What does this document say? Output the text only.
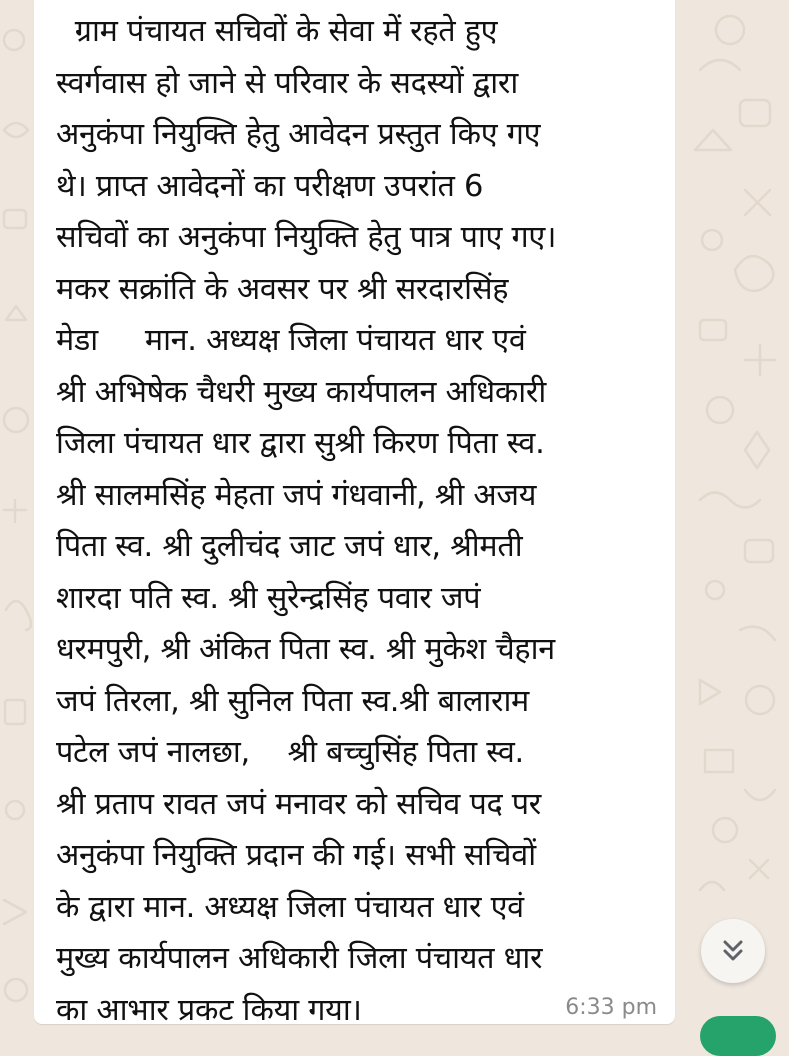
ग्राम पंचायत सचिवों के सेवा में रहते हुए
स्वर्गवास हो जाने से परिवार के सदस्यों द्वारा
अनुकंपा नियुक्ति हेतु आवेदन प्रस्तुत किए गए
थे। प्राप्त आवेदनों का परीक्षण उपरांत 6
सचिवों का अनुकंपा नियुक्ति हेतु पात्र पाए गए।
मकर सक्रांति के अवसर पर श्री सरदारसिंह
मेडा     मान. अध्यक्ष जिला पंचायत धार एवं
श्री अभिषेक चैधरी मुख्य कार्यपालन अधिकारी
जिला पंचायत धार द्वारा सुश्री किरण पिता स्व.
श्री सालमसिंह मेहता जपं गंधवानी, श्री अजय
पिता स्व. श्री दुलीचंद जाट जपं धार, श्रीमती
शारदा पति स्व. श्री सुरेन्द्रसिंह पवार जपं
धरमपुरी, श्री अंकित पिता स्व. श्री मुकेश चैहान
जपं तिरला, श्री सुनिल पिता स्व.श्री बालाराम
पटेल जपं नालछा,    श्री बच्चुसिंह पिता स्व.
श्री प्रताप रावत जपं मनावर को सचिव पद पर
अनुकंपा नियुक्ति प्रदान की गई। सभी सचिवों
के द्वारा मान. अध्यक्ष जिला पंचायत धार एवं
मुख्य कार्यपालन अधिकारी जिला पंचायत धार
का आभार प्रकट किया गया।	6:33 pm
